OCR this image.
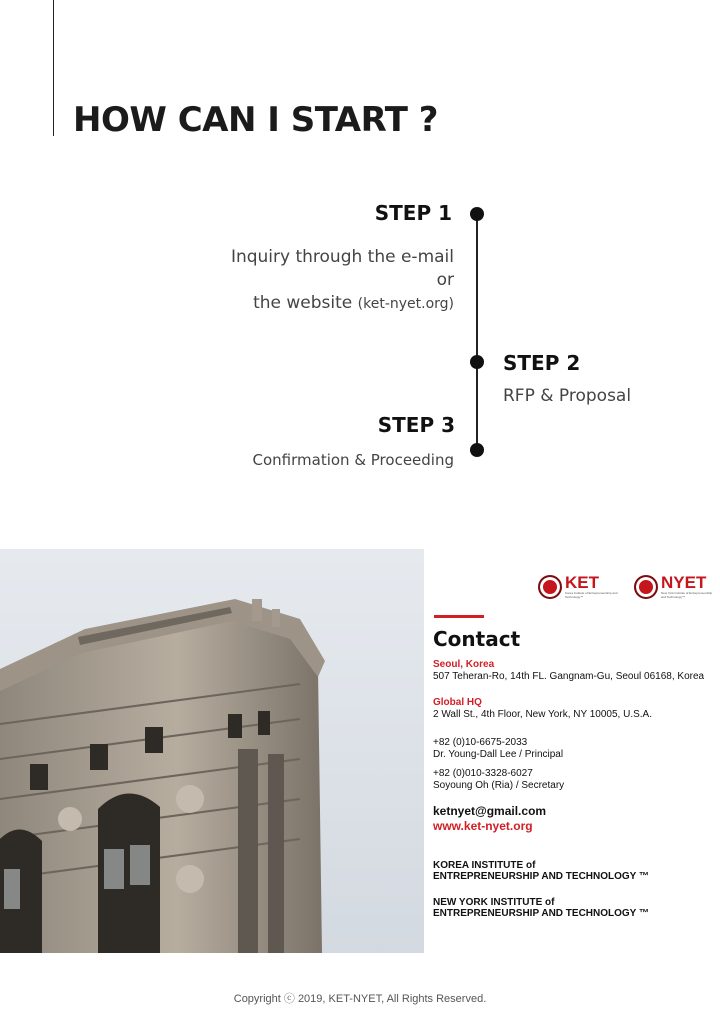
HOW CAN I START ?
STEP 1
Inquiry through the e-mail
or
the website (ket-nyet.org)
STEP 2
RFP & Proposal
STEP 3
Confirmation & Proceeding
KET
Korea Institute of Entrepreneurship and Technology™
NYET
New York Institute of Entrepreneurship and Technology™
Contact
Seoul, Korea
507 Teheran-Ro, 14th FL. Gangnam-Gu, Seoul 06168, Korea
Global HQ
2 Wall St., 4th Floor, New York, NY 10005, U.S.A.
+82 (0)10-6675-2033
Dr. Young-Dall Lee / Principal
+82 (0)010-3328-6027
Soyoung Oh (Ria) / Secretary
ketnyet@gmail.com
www.ket-nyet.org
KOREA INSTITUTE of
ENTREPRENEURSHIP AND TECHNOLOGY ™
NEW YORK INSTITUTE of
ENTREPRENEURSHIP AND TECHNOLOGY ™
Copyright ⓒ 2019, KET-NYET, All Rights Reserved.
